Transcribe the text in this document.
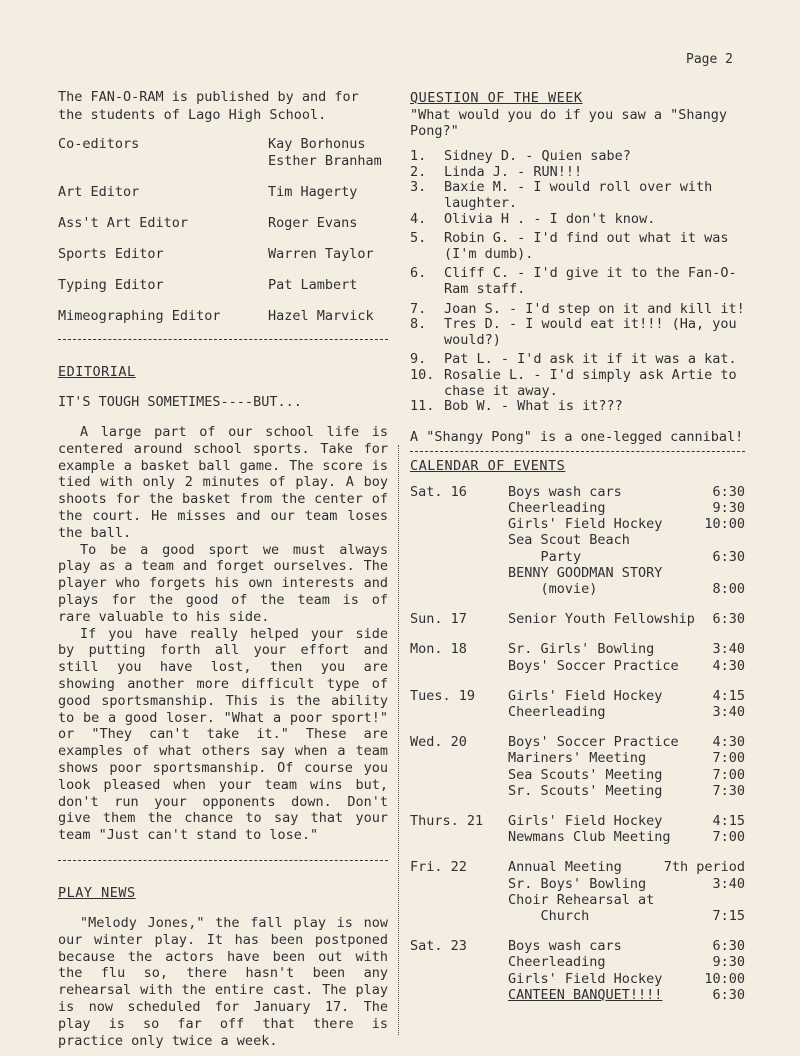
Page 2

The FAN-O-RAM is published by and for the students of Lago High School.

Co-editors	Kay Borhonus
Esther Branham
Art Editor	Tim Hagerty
Ass't Art Editor	Roger Evans
Sports Editor	Warren Taylor
Typing Editor	Pat Lambert
Mimeographing Editor	Hazel Marvick
EDITORIAL
IT'S TOUGH SOMETIMES----BUT...

A large part of our school life is centered around school sports. Take for example a basket ball game. The score is tied with only 2 minutes of play. A boy shoots for the basket from the center of the court. He misses and our team loses the ball.

To be a good sport we must always play as a team and forget ourselves. The player who forgets his own interests and plays for the good of the team is of rare valuable to his side.

If you have really helped your side by putting forth all your effort and still you have lost, then you are showing another more difficult type of good sportsmanship. This is the ability to be a good loser. "What a poor sport!" or "They can't take it." These are examples of what others say when a team shows poor sportsmanship. Of course you look pleased when your team wins but, don't run your opponents down. Don't give them the chance to say that your team "Just can't stand to lose."

PLAY NEWS

"Melody Jones," the fall play is now our winter play. It has been postponed because the actors have been out with the flu so, there hasn't been any rehearsal with the entire cast. The play is now scheduled for January 17. The play is so far off that there is practice only twice a week.

QUESTION OF THE WEEK

"What would you do if you saw a "Shangy Pong?"

1.	Sidney D. - Quien sabe?
2.	Linda J. - RUN!!!
3.	Baxie M. - I would roll over with laughter.
4.	Olivia H . - I don't know.
5.	Robin G. - I'd find out what it was (I'm dumb).
6.	Cliff C. - I'd give it to the Fan-O-Ram staff.
7.	Joan S. - I'd step on it and kill it!
8.	Tres D. - I would eat it!!! (Ha, you would?)
9.	Pat L. - I'd ask it if it was a kat.
10. Rosalie L. - I'd simply ask Artie to chase it away.
11. Bob W. - What is it???
A "Shangy Pong" is a one-legged cannibal!
CALENDAR OF EVENTS
Sat. 16	Boys wash cars	6:30
Cheerleading	9:30
Girls' Field Hockey	10:00
Sea Scout Beach
Party	6:30
BENNY GOODMAN STORY
(movie)	8:00
Sun. 17	Senior Youth Fellowship	6:30
Mon. 18	Sr. Girls' Bowling	3:40
Boys' Soccer Practice	4:30
Tues. 19	Girls' Field Hockey	4:15
Cheerleading	3:40
Wed. 20	Boys' Soccer Practice	4:30
Mariners' Meeting	7:00
Sea Scouts' Meeting	7:00
Sr. Scouts' Meeting	7:30
Thurs. 21	Girls' Field Hockey	4:15
Newmans Club Meeting	7:00
Fri. 22	Annual Meeting	7th period
Sr. Boys' Bowling	3:40
Choir Rehearsal at
Church	7:15
Sat. 23	Boys wash cars	6:30
Cheerleading	9:30
Girls' Field Hockey	10:00
CANTEEN BANQUET!!!!	6:30
